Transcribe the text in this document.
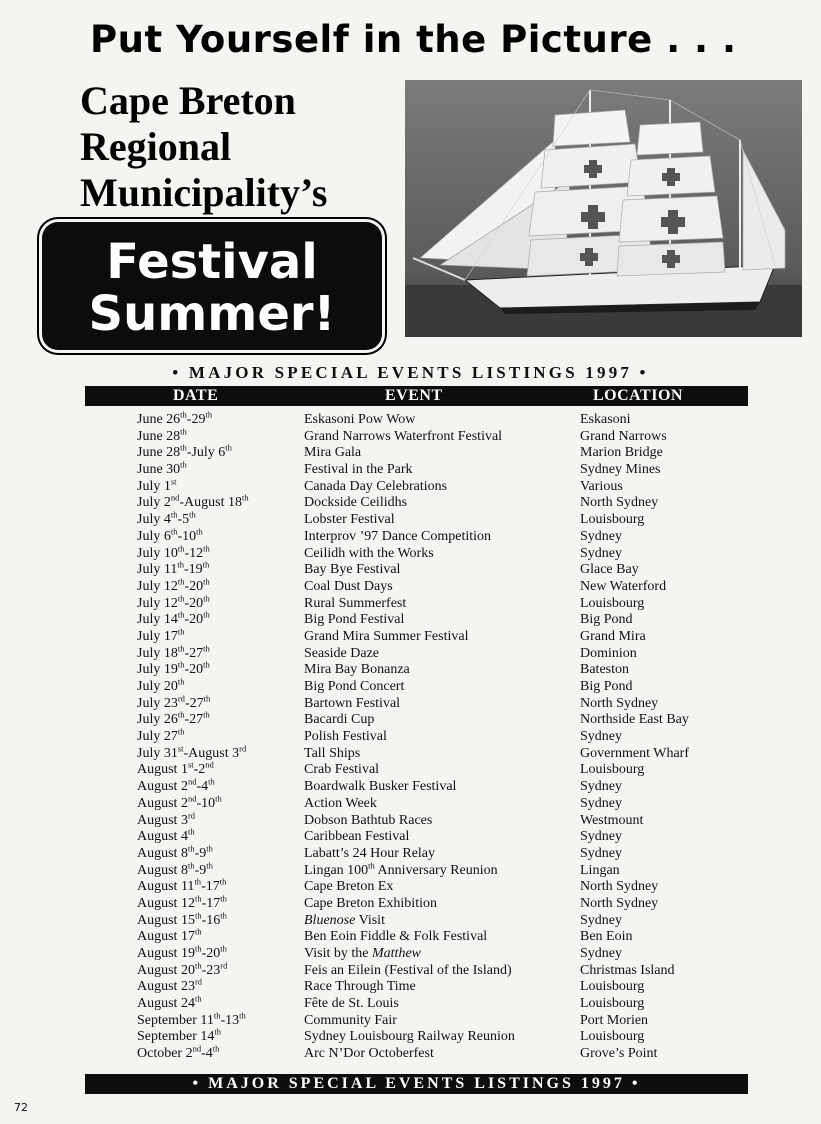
Put Yourself in the Picture . . .
Cape Breton
Regional
Municipality’s
Festival
Summer!
• MAJOR SPECIAL EVENTS LISTINGS 1997 •
DATE	EVENT	LOCATION
June 26th-29th	Eskasoni Pow Wow	Eskasoni
June 28th	Grand Narrows Waterfront Festival	Grand Narrows
June 28th-July 6th	Mira Gala	Marion Bridge
June 30th	Festival in the Park	Sydney Mines
July 1st	Canada Day Celebrations	Various
July 2nd-August 18th	Dockside Ceilidhs	North Sydney
July 4th-5th	Lobster Festival	Louisbourg
July 6th-10th	Interprov ’97 Dance Competition	Sydney
July 10th-12th	Ceilidh with the Works	Sydney
July 11th-19th	Bay Bye Festival	Glace Bay
July 12th-20th	Coal Dust Days	New Waterford
July 12th-20th	Rural Summerfest	Louisbourg
July 14th-20th	Big Pond Festival	Big Pond
July 17th	Grand Mira Summer Festival	Grand Mira
July 18th-27th	Seaside Daze	Dominion
July 19th-20th	Mira Bay Bonanza	Bateston
July 20th	Big Pond Concert	Big Pond
July 23rd-27th	Bartown Festival	North Sydney
July 26th-27th	Bacardi Cup	Northside East Bay
July 27th	Polish Festival	Sydney
July 31st-August 3rd	Tall Ships	Government Wharf
August 1st-2nd	Crab Festival	Louisbourg
August 2nd-4th	Boardwalk Busker Festival	Sydney
August 2nd-10th	Action Week	Sydney
August 3rd	Dobson Bathtub Races	Westmount
August 4th	Caribbean Festival	Sydney
August 8th-9th	Labatt’s 24 Hour Relay	Sydney
August 8th-9th	Lingan 100th Anniversary Reunion	Lingan
August 11th-17th	Cape Breton Ex	North Sydney
August 12th-17th	Cape Breton Exhibition	North Sydney
August 15th-16th	Bluenose Visit	Sydney
August 17th	Ben Eoin Fiddle & Folk Festival	Ben Eoin
August 19th-20th	Visit by the Matthew	Sydney
August 20th-23rd	Feis an Eilein (Festival of the Island)	Christmas Island
August 23rd	Race Through Time	Louisbourg
August 24th	Fête de St. Louis	Louisbourg
September 11th-13th	Community Fair	Port Morien
September 14th	Sydney Louisbourg Railway Reunion	Louisbourg
October 2nd-4th	Arc N’Dor Octoberfest	Grove’s Point
• MAJOR SPECIAL EVENTS LISTINGS 1997 •
72
